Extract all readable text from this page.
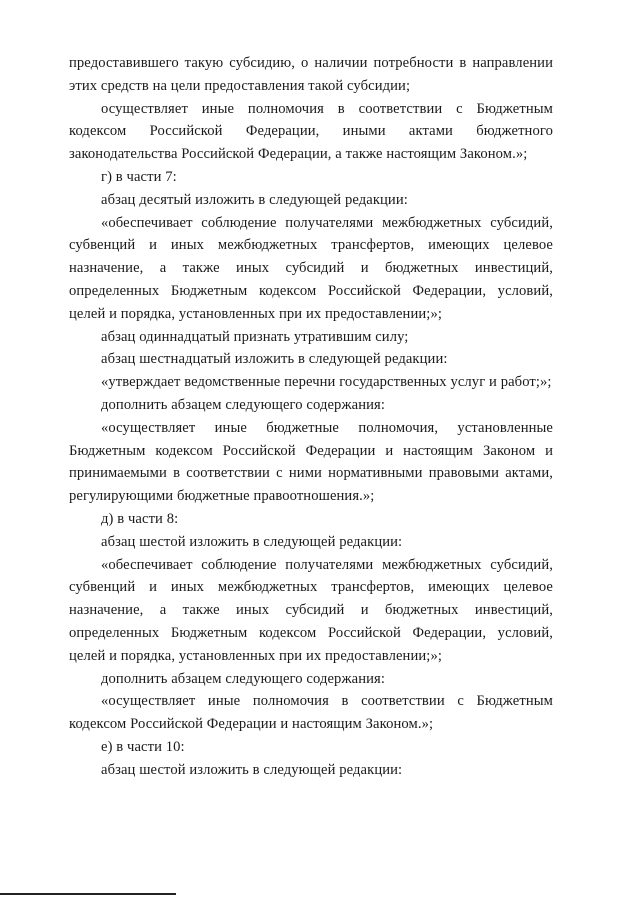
предоставившего такую субсидию, о наличии потребности в направлении этих средств на цели предоставления такой субсидии;

осуществляет иные полномочия в соответствии с Бюджетным кодексом Российской Федерации, иными актами бюджетного законодательства Российской Федерации, а также настоящим Законом.»;

г) в части 7:

абзац десятый изложить в следующей редакции:

«обеспечивает соблюдение получателями межбюджетных субсидий, субвенций и иных межбюджетных трансфертов, имеющих целевое назначение, а также иных субсидий и бюджетных инвестиций, определенных Бюджетным кодексом Российской Федерации, условий, целей и порядка, установленных при их предоставлении;»;

абзац одиннадцатый признать утратившим силу;

абзац шестнадцатый изложить в следующей редакции:

«утверждает ведомственные перечни государственных услуг и работ;»;

дополнить абзацем следующего содержания:

«осуществляет иные бюджетные полномочия, установленные Бюджетным кодексом Российской Федерации и настоящим Законом и принимаемыми в соответствии с ними нормативными правовыми актами, регулирующими бюджетные правоотношения.»;

д) в части 8:

абзац шестой изложить в следующей редакции:

«обеспечивает соблюдение получателями межбюджетных субсидий, субвенций и иных межбюджетных трансфертов, имеющих целевое назначение, а также иных субсидий и бюджетных инвестиций, определенных Бюджетным кодексом Российской Федерации, условий, целей и порядка, установленных при их предоставлении;»;

дополнить абзацем следующего содержания:

«осуществляет иные полномочия в соответствии с Бюджетным кодексом Российской Федерации и настоящим Законом.»;

е) в части 10:

абзац шестой изложить в следующей редакции:
